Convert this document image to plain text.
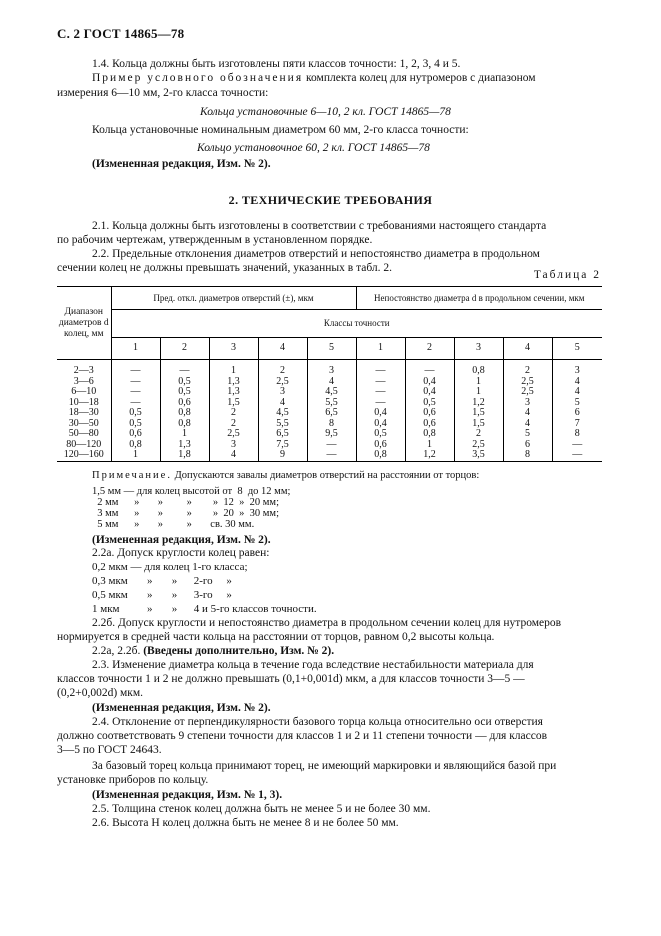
С. 2 ГОСТ 14865—78
1.4. Кольца должны быть изготовлены пяти классов точности: 1, 2, 3, 4 и 5.
Пример условного обозначения комплекта колец для нутромеров с диапазоном
измерения 6—10 мм, 2-го класса точности:
Кольца установочные 6—10, 2 кл. ГОСТ 14865—78
Кольца установочные номинальным диаметром 60 мм, 2-го класса точности:
Кольцо установочное 60, 2 кл. ГОСТ 14865—78
(Измененная редакция, Изм. № 2).
2. ТЕХНИЧЕСКИЕ ТРЕБОВАНИЯ
2.1. Кольца должны быть изготовлены в соответствии с требованиями настоящего стандарта
по рабочим чертежам, утвержденным в установленном порядке.
2.2. Предельные отклонения диаметров отверстий и непостоянство диаметра в продольном
сечении колец не должны превышать значений, указанных в табл. 2.
Таблица 2
Диапазон диаметров d колец, мм	Пред. откл. диаметров отверстий (±), мкм					Непостоянство диаметра d в продольном сечении, мкм				
	Классы точности									
	1	2	3	4	5	1	2	3	4	5
2—3	—	—	1	2	3	—	—	0,8	2	3
3—6	—	0,5	1,3	2,5	4	—	0,4	1	2,5	4
6—10	—	0,5	1,3	3	4,5	—	0,4	1	2,5	4
10—18	—	0,6	1,5	4	5,5	—	0,5	1,2	3	5
18—30	0,5	0,8	2	4,5	6,5	0,4	0,6	1,5	4	6
30—50	0,5	0,8	2	5,5	8	0,4	0,6	1,5	4	7
50—80	0,6	1	2,5	6,5	9,5	0,5	0,8	2	5	8
80—120	0,8	1,3	3	7,5	—	0,6	1	2,5	6	—
120—160	1	1,8	4	9	—	0,8	1,2	3,5	8	—
Примечание. Допускаются завалы диаметров отверстий на расстоянии от торцов:
1,5 мм — для колец высотой от  8  до 12 мм;
2 мм      »       »         »        »  12  »  20 мм;
3 мм      »       »         »        »  20  »  30 мм;
5 мм      »       »         »       св. 30 мм.
(Измененная редакция, Изм. № 2).
2.2а. Допуск круглости колец равен:
0,2 мкм — для колец 1-го класса;
0,3 мкм       »       »      2-го     »
0,5 мкм       »       »      3-го     »
1 мкм          »       »      4 и 5-го классов точности.
2.2б. Допуск круглости и непостоянство диаметра в продольном сечении колец для нутромеров
нормируется в средней части кольца на расстоянии от торцов, равном 0,2 высоты кольца.
2.2а, 2.2б. (Введены дополнительно, Изм. № 2).
2.3. Изменение диаметра кольца в течение года вследствие нестабильности материала для
классов точности 1 и 2 не должно превышать (0,1+0,001d) мкм, а для классов точности 3—5 —
(0,2+0,002d) мкм.
(Измененная редакция, Изм. № 2).
2.4. Отклонение от перпендикулярности базового торца кольца относительно оси отверстия
должно соответствовать 9 степени точности для классов 1 и 2 и 11 степени точности — для классов
3—5 по ГОСТ 24643.
За базовый торец кольца принимают торец, не имеющий маркировки и являющийся базой при
установке приборов по кольцу.
(Измененная редакция, Изм. № 1, 3).
2.5. Толщина стенок колец должна быть не менее 5 и не более 30 мм.
2.6. Высота H колец должна быть не менее 8 и не более 50 мм.
